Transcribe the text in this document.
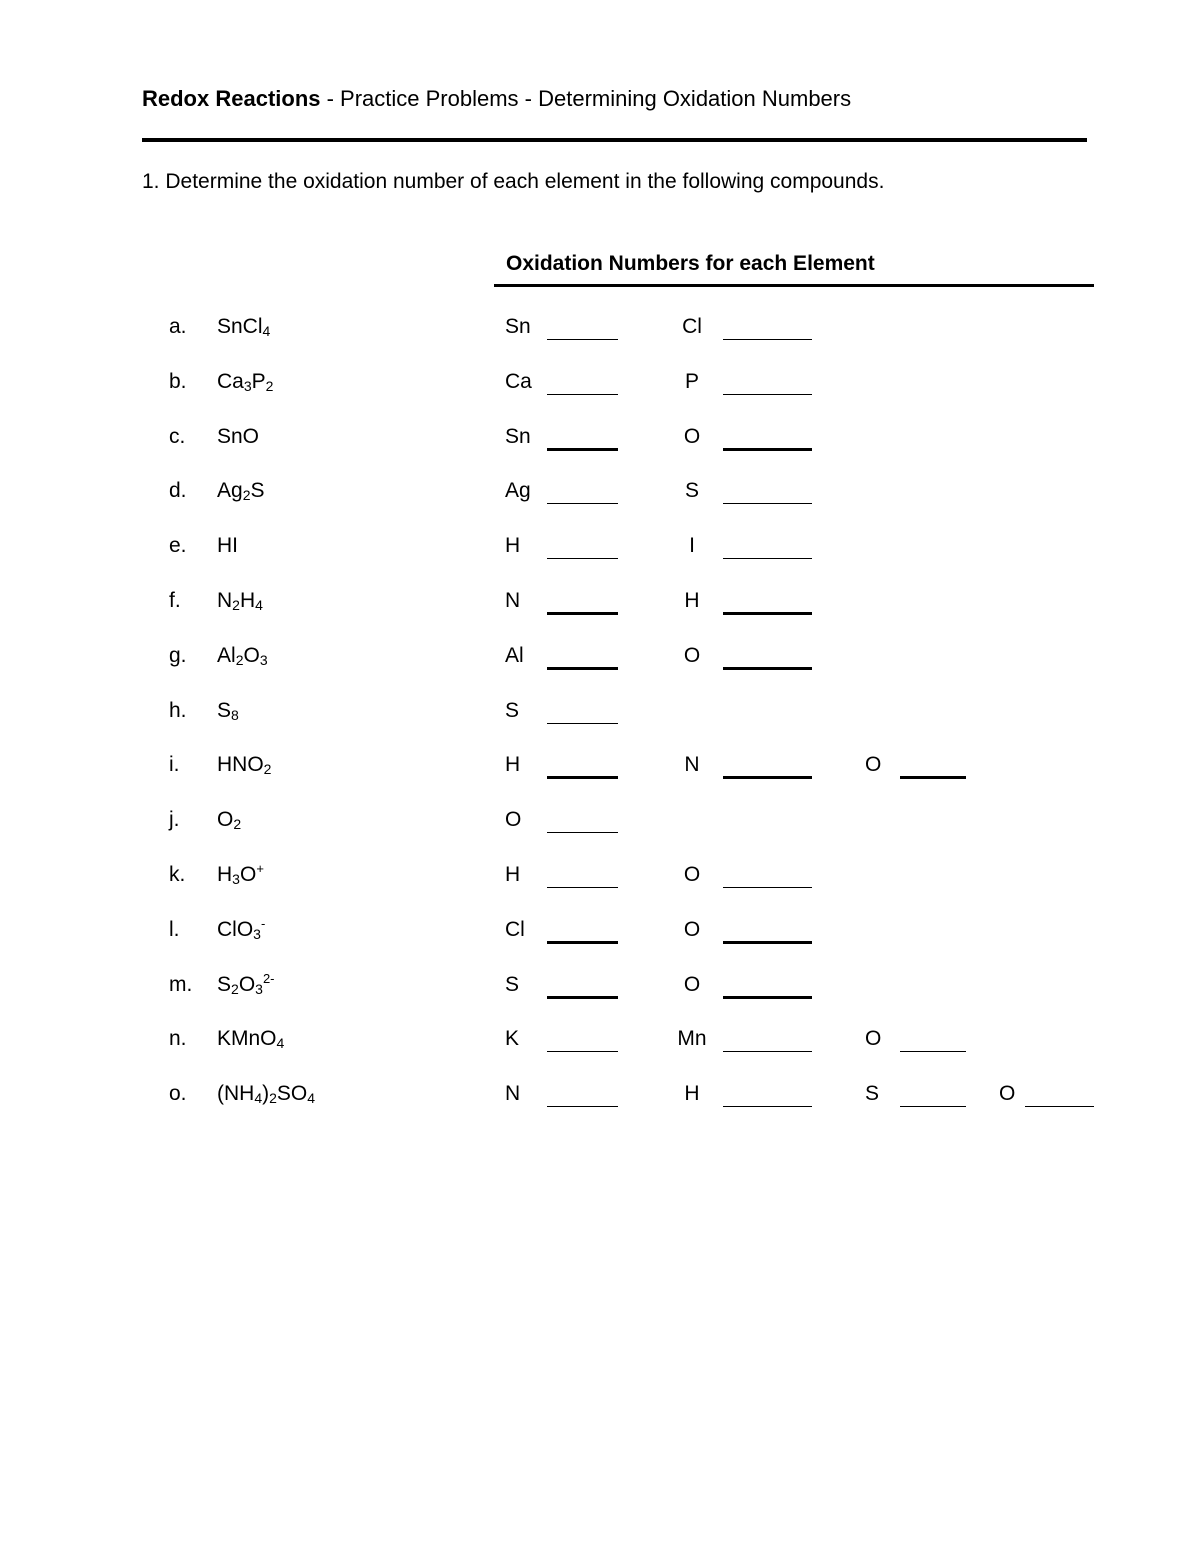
Redox Reactions - Practice Problems - Determining Oxidation Numbers
1. Determine the oxidation number of each element in the following compounds.
Oxidation Numbers for each Element
a. SnCl$_4$	Sn	Cl
b. $Ca_3P_2$	Ca	P
c. SnO	Sn	O
d. $Ag_2S$	Ag	S
e. HI	H	I
f. $N_2H_4$	N	H
g. $Al_2O_3$	Al	O
h. $S_8$	S
i. $HNO_2$	H	N	O
j. $O_2$	O
k. $H_3O^+$	H	O
l. ClO$_3$-	Cl	O
m. $S_2O_3^{2-}$	S	O
n. KMnO$_4$	K	Mn	O
o. $(NH_4)_2SO_4$	N	H	S	O
